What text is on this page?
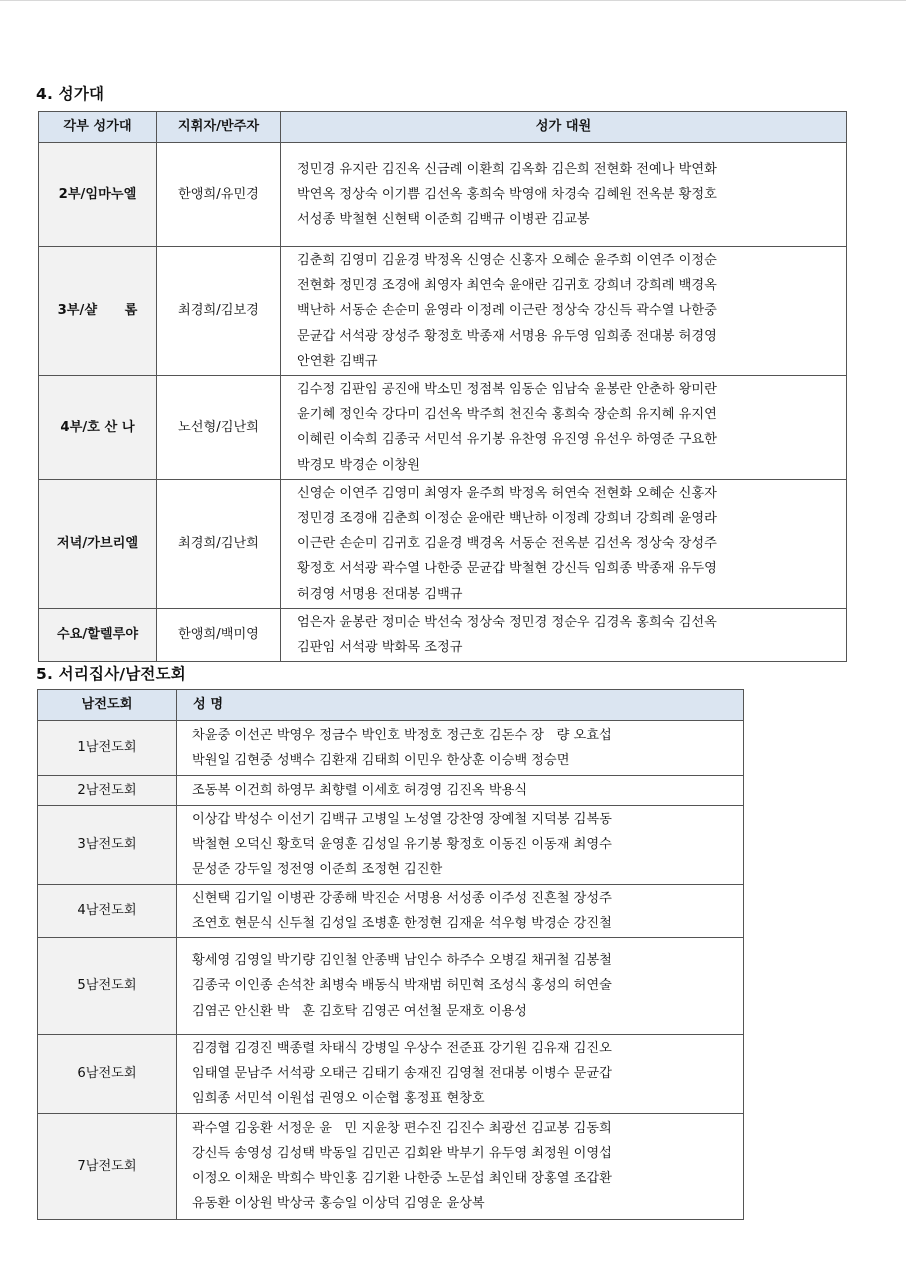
4. 성가대
각부 성가대	지휘자/반주자	성가 대원
2부/임마누엘	한앵희/유민경	정민경 유지란 김진옥 신금례 이환희 김옥화 김은희 전현화 전예나 박연화
박연옥 정상숙 이기쁨 김선옥 홍희숙 박영애 차경숙 김혜원 전옥분 황정호
서성종 박철현 신현택 이준희 김백규 이병관 김교봉

3부/샬      롬	최경희/김보경	김춘희 김영미 김윤경 박정옥 신영순 신홍자 오혜순 윤주희 이연주 이정순
전현화 정민경 조경애 최영자 최연숙 윤애란 김귀호 강희녀 강희례 백경옥
백난하 서동순 손순미 윤영라 이정례 이근란 정상숙 강신득 곽수열 나한중
문균갑 서석광 장성주 황정호 박종재 서명용 유두영 임희종 전대봉 허경영
안연환 김백규

4부/호 산 나	노선형/김난희	김수정 김판임 공진애 박소민 정점복 임동순 임남숙 윤봉란 안춘하 왕미란
윤기혜 정인숙 강다미 김선옥 박주희 천진숙 홍희숙 장순희 유지혜 유지연
이혜린 이숙희 김종국 서민석 유기봉 유찬영 유진영 유선우 하영준 구요한
박경모 박경순 이창원

저녁/가브리엘	최경희/김난희	신영순 이연주 김영미 최영자 윤주희 박정옥 허연숙 전현화 오혜순 신홍자
정민경 조경애 김춘희 이정순 윤애란 백난하 이정례 강희녀 강희례 윤영라
이근란 손순미 김귀호 김윤경 백경옥 서동순 전옥분 김선옥 정상숙 장성주
황정호 서석광 곽수열 나한중 문균갑 박철현 강신득 임희종 박종재 유두영
허경영 서명용 전대봉 김백규

수요/할렐루야	한앵희/백미영	엄은자 윤봉란 정미순 박선숙 정상숙 정민경 정순우 김경옥 홍희숙 김선옥
김판임 서석광 박화목 조정규
5. 서리집사/남전도회
남전도회	성 명
1남전도회	차윤중 이선곤 박영우 정금수 박인호 박정호 정근호 김돈수 장   량 오효섭
박원일 김현중 성백수 김환재 김태희 이민우 한상훈 이승백 정승면

2남전도회	조동복 이건희 하영무 최향렬 이세호 허경영 김진옥 박용식

3남전도회	이상갑 박성수 이선기 김백규 고병일 노성열 강찬영 장예철 지덕봉 김복동
박철현 오덕신 황호덕 윤영훈 김성일 유기봉 황정호 이동진 이동재 최영수
문성준 강두일 정전영 이준희 조정현 김진한

4남전도회	신현택 김기일 이병관 강종해 박진순 서명용 서성종 이주성 진흔철 장성주
조연호 현문식 신두철 김성일 조병훈 한정현 김재윤 석우형 박경순 강진철

5남전도회	황세영 김영일 박기량 김인철 안종백 남인수 하주수 오병길 채귀철 김봉철
김종국 이인종 손석찬 최병숙 배동식 박재범 허민혁 조성식 홍성의 허연술
김염곤 안신환 박   훈 김호탁 김영곤 여선철 문재호 이용성

6남전도회	김경협 김경진 백종렬 차태식 강병일 우상수 전준표 강기원 김유재 김진오
임태열 문남주 서석광 오태근 김태기 송재진 김영철 전대봉 이병수 문균갑
임희종 서민석 이원섭 권영오 이순협 홍정표 현창호

7남전도회	곽수열 김웅환 서정운 윤   민 지윤창 편수진 김진수 최광선 김교봉 김동희
강신득 송영성 김성택 박동일 김민곤 김회완 박부기 유두영 최정원 이영섭
이정오 이채운 박희수 박인홍 김기환 나한중 노문섭 최인태 장홍열 조갑환
유동환 이상원 박상국 홍승일 이상덕 김영운 윤상복
